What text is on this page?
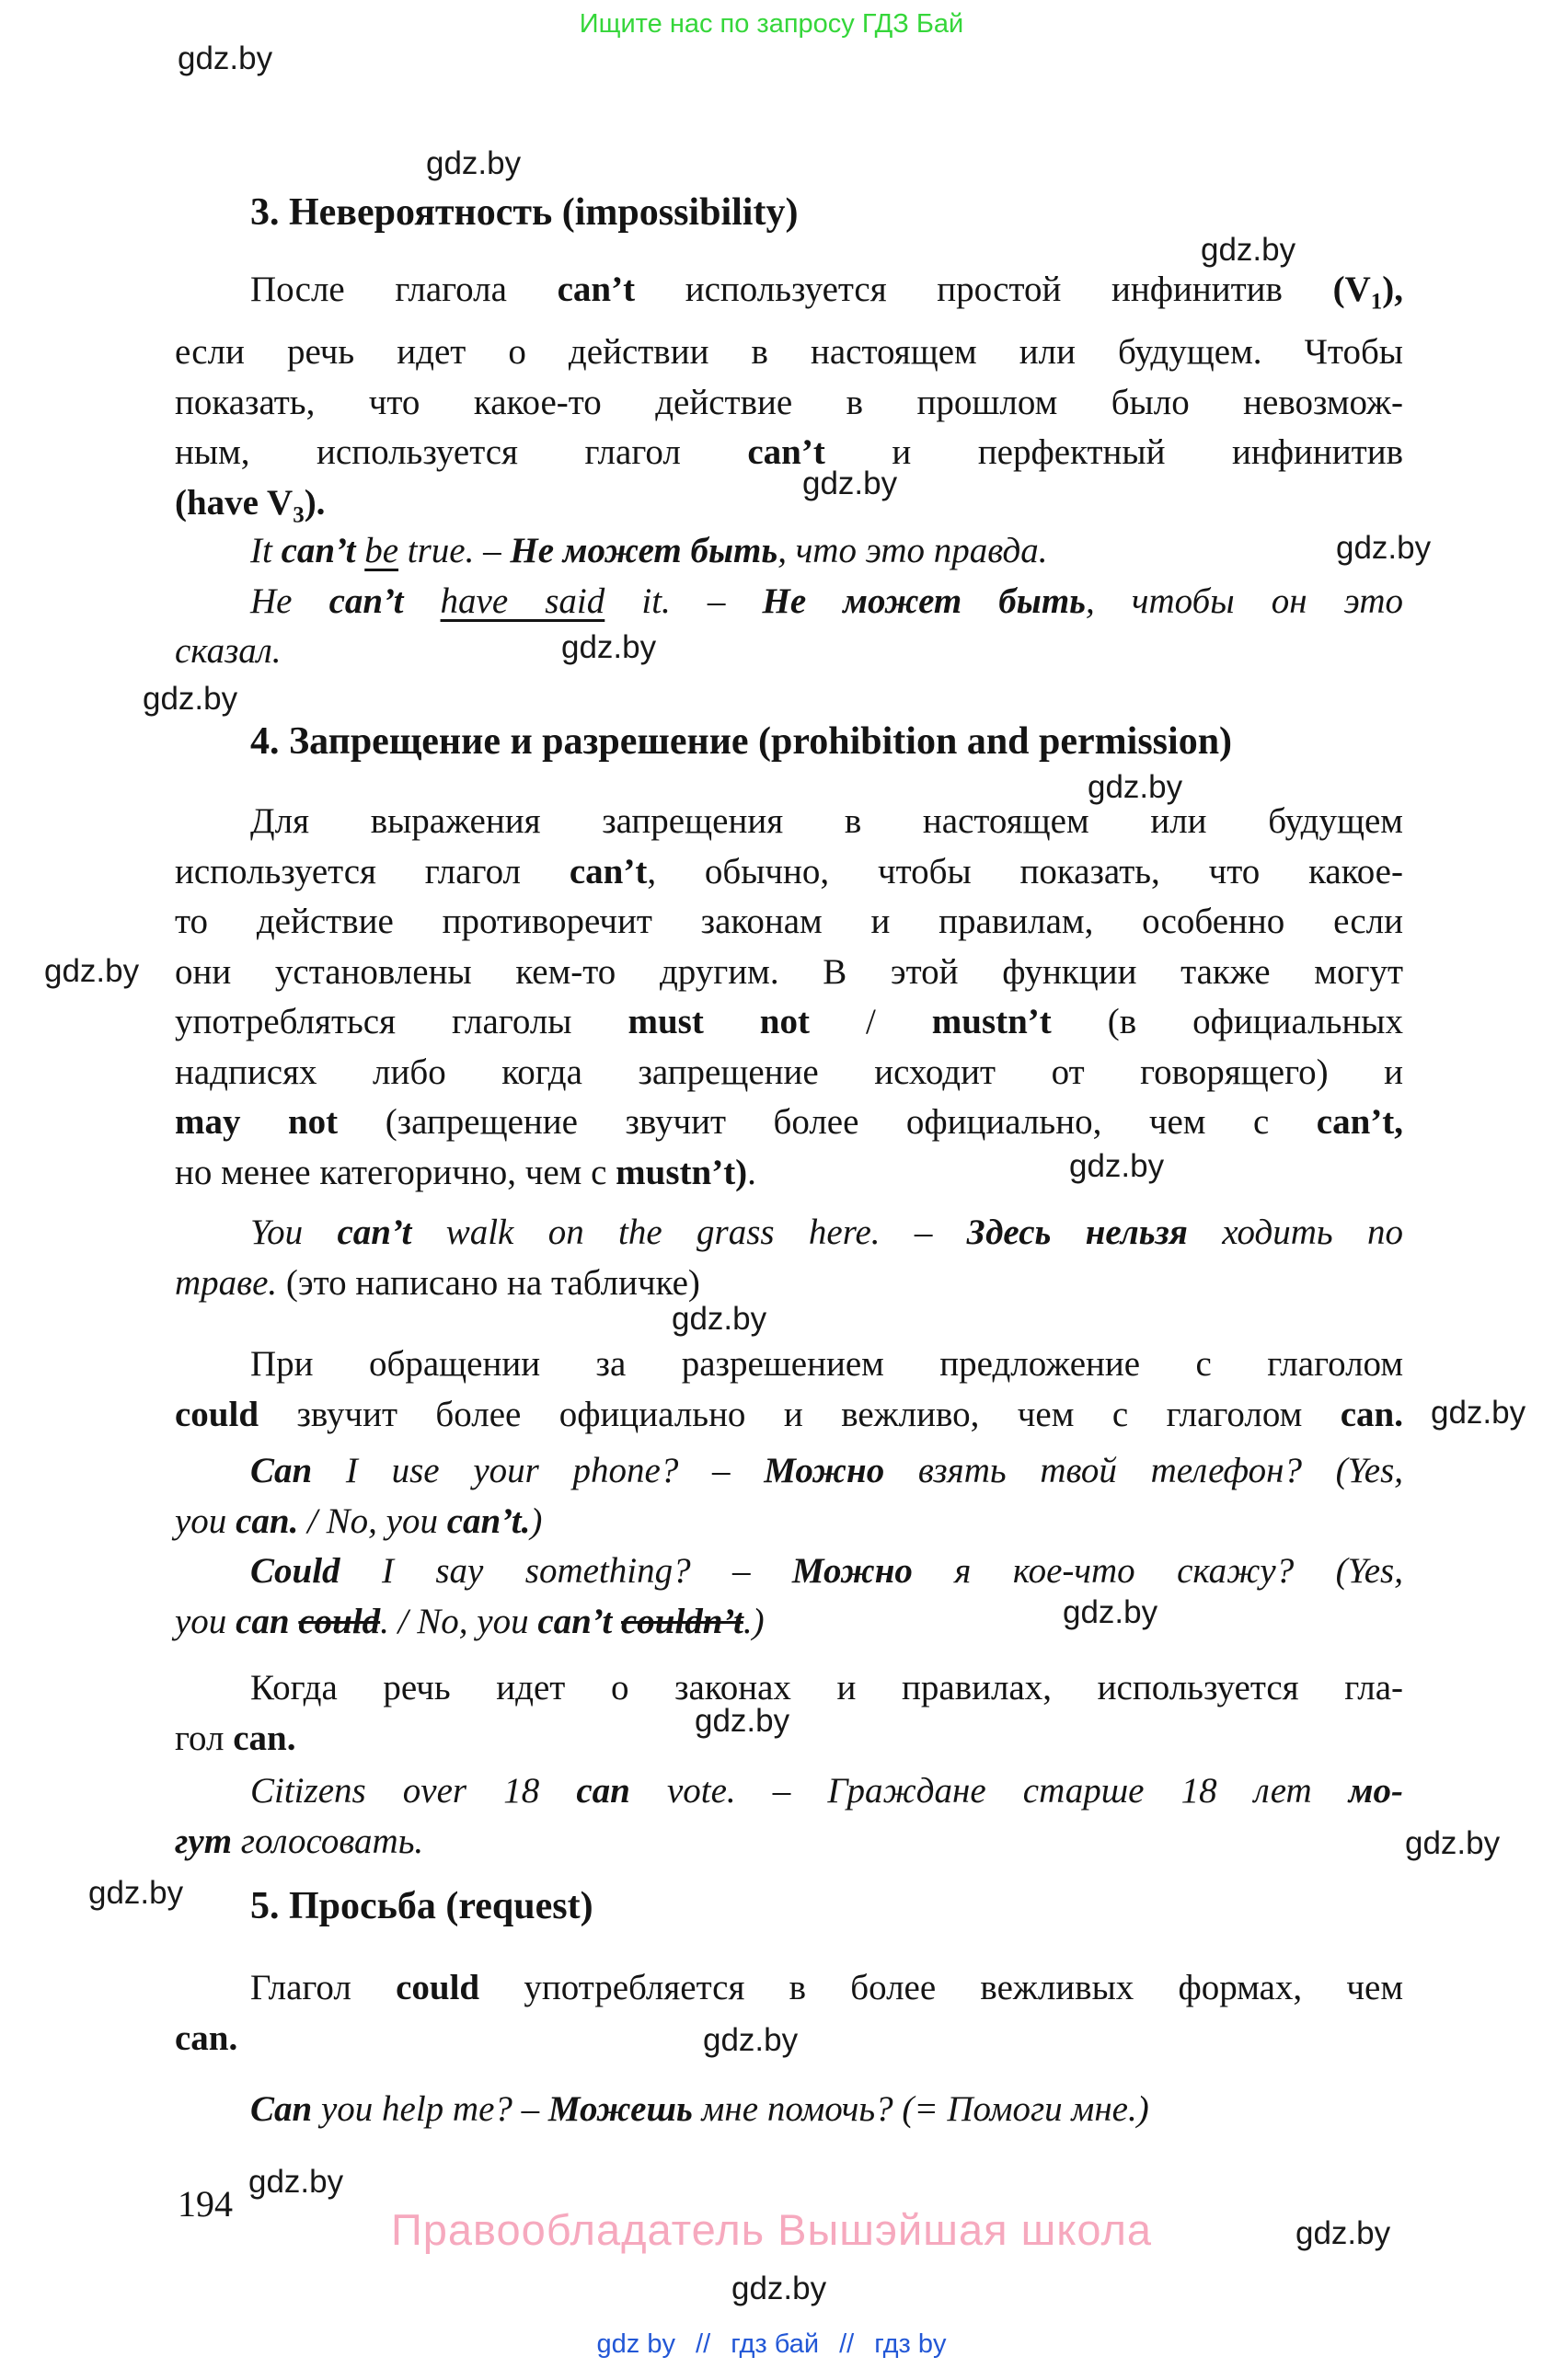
Ищите нас по запросу ГДЗ Бай
gdz.by
gdz.by
gdz.by
gdz.by
gdz.by
gdz.by
gdz.by
gdz.by
gdz.by
gdz.by
gdz.by
gdz.by
gdz.by
gdz.by
gdz.by
gdz.by
gdz.by
gdz.by
gdz.by
gdz.by
3. Невероятность (impossibility)
После глагола can’t используется простой инфинитив $(V_1)$,
если речь идет о действии в настоящем или будущем. Чтобы
показать, что какое-то действие в прошлом было невозмож-
ным, используется глагол can’t и перфектный инфинитив
(have $V_3$).
It can’t be true. – Не может быть, что это правда.
He can’t have said it. – Не может быть, чтобы он это
сказал.
4. Запрещение и разрешение (prohibition and permission)
Для выражения запрещения в настоящем или будущем
используется глагол can’t, обычно, чтобы показать, что какое-
то действие противоречит законам и правилам, особенно если
они установлены кем-то другим. В этой функции также могут
употребляться глаголы must not / mustn’t (в официальных
надписях либо когда запрещение исходит от говорящего) и
may not (запрещение звучит более официально, чем с can’t,
но менее категорично, чем с mustn’t).
You can’t walk on the grass here. – Здесь нельзя ходить по
траве. (это написано на табличке)
При обращении за разрешением предложение с глаголом
could звучит более официально и вежливо, чем с глаголом can.
Can I use your phone? – Можно взять твой телефон? (Yes,
you can. / No, you can’t.)
Could I say something? – Можно я кое-что скажу? (Yes,
you can could. / No, you can’t couldn’t.)
Когда речь идет о законах и правилах, используется гла-
гол can.
Citizens over 18 can vote. – Граждане старше 18 лет мо-
гут голосовать.
5. Просьба (request)
Глагол could употребляется в более вежливых формах, чем
can.
Can you help me? – Можешь мне помочь? (= Помоги мне.)
194
Правообладатель Вышэйшая школа
gdz by // гдз бай // гдз by
